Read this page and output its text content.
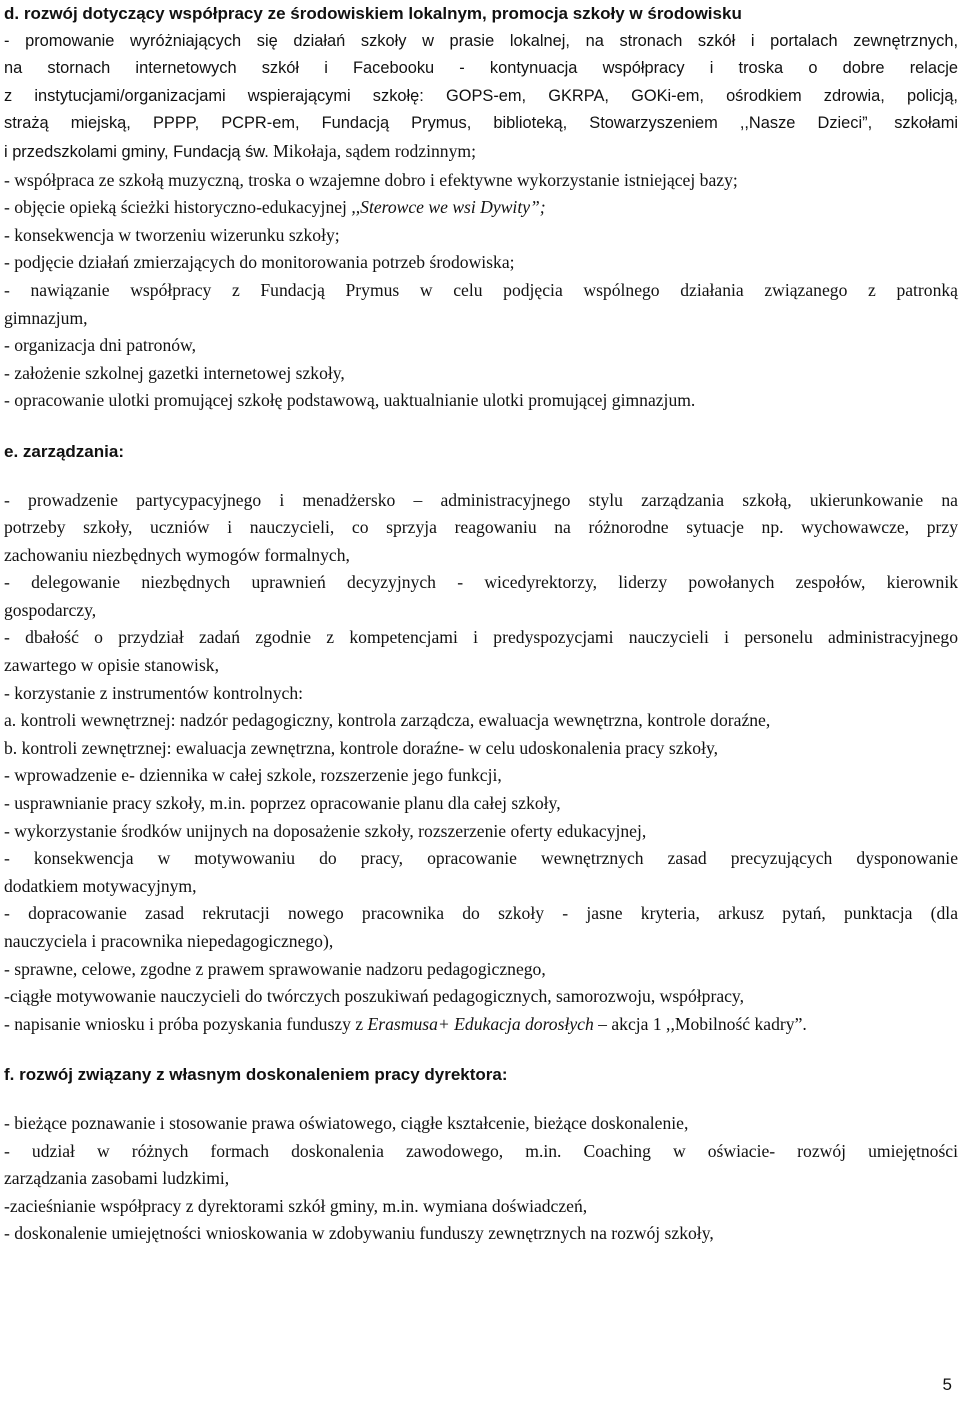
d. rozwój dotyczący współpracy ze środowiskiem lokalnym, promocja szkoły w środowisku

- promowanie wyróżniających się działań szkoły w prasie lokalnej, na stronach szkół i portalach zewnętrznych,

na stornach internetowych szkół i Facebooku - kontynuacja współpracy i troska o dobre relacje

z instytucjami/organizacjami wspierającymi szkołę: GOPS-em, GKRPA, GOKi-em, ośrodkiem zdrowia, policją,

strażą miejską, PPPP, PCPR-em, Fundacją Prymus, biblioteką, Stowarzyszeniem ,,Nasze Dzieci”, szkołami

i przedszkolami gminy, Fundacją św. Mikołaja, sądem rodzinnym;

- współpraca ze szkołą muzyczną, troska o wzajemne dobro i efektywne wykorzystanie istniejącej bazy;

- objęcie opieką ścieżki historyczno-edukacyjnej ,,Sterowce we wsi Dywity”;

- konsekwencja w tworzeniu wizerunku szkoły;

- podjęcie działań zmierzających do monitorowania potrzeb środowiska;

- nawiązanie współpracy z Fundacją Prymus w celu podjęcia wspólnego działania związanego z patronką

gimnazjum,

- organizacja dni patronów,

- założenie szkolnej gazetki internetowej szkoły,

- opracowanie ulotki promującej szkołę podstawową, uaktualnianie ulotki promującej gimnazjum.

e. zarządzania:

- prowadzenie partycypacyjnego i menadżersko – administracyjnego stylu zarządzania szkołą, ukierunkowanie na

potrzeby szkoły, uczniów i nauczycieli, co sprzyja reagowaniu na różnorodne sytuacje np. wychowawcze, przy

zachowaniu niezbędnych wymogów formalnych,

- delegowanie niezbędnych uprawnień decyzyjnych - wicedyrektorzy, liderzy powołanych zespołów, kierownik

gospodarczy,

- dbałość o przydział zadań zgodnie z kompetencjami i predyspozycjami nauczycieli i personelu administracyjnego

zawartego w opisie stanowisk,

- korzystanie z instrumentów kontrolnych:

a. kontroli wewnętrznej: nadzór pedagogiczny, kontrola zarządcza, ewaluacja wewnętrzna, kontrole doraźne,

b. kontroli zewnętrznej: ewaluacja zewnętrzna, kontrole doraźne- w celu udoskonalenia pracy szkoły,

- wprowadzenie e- dziennika w całej szkole, rozszerzenie jego funkcji,

- usprawnianie pracy szkoły, m.in. poprzez opracowanie planu dla całej szkoły,

- wykorzystanie środków unijnych na doposażenie szkoły, rozszerzenie oferty edukacyjnej,

- konsekwencja w motywowaniu do pracy, opracowanie wewnętrznych zasad precyzujących dysponowanie

dodatkiem motywacyjnym,

- dopracowanie zasad rekrutacji nowego pracownika do szkoły - jasne kryteria, arkusz pytań, punktacja (dla

nauczyciela i pracownika niepedagogicznego),

- sprawne, celowe, zgodne z prawem sprawowanie nadzoru pedagogicznego,

-ciągłe motywowanie nauczycieli do twórczych poszukiwań pedagogicznych, samorozwoju, współpracy,

- napisanie wniosku i próba pozyskania funduszy z Erasmusa+ Edukacja dorosłych – akcja 1 ,,Mobilność kadry”.

f. rozwój związany z własnym doskonaleniem pracy dyrektora:

- bieżące poznawanie i stosowanie prawa oświatowego, ciągłe kształcenie, bieżące doskonalenie,

- udział w różnych formach doskonalenia zawodowego, m.in. Coaching w oświacie- rozwój umiejętności

zarządzania zasobami ludzkimi,

-zacieśnianie współpracy z dyrektorami szkół gminy, m.in. wymiana doświadczeń,

- doskonalenie umiejętności wnioskowania w zdobywaniu funduszy zewnętrznych na rozwój szkoły,

5
